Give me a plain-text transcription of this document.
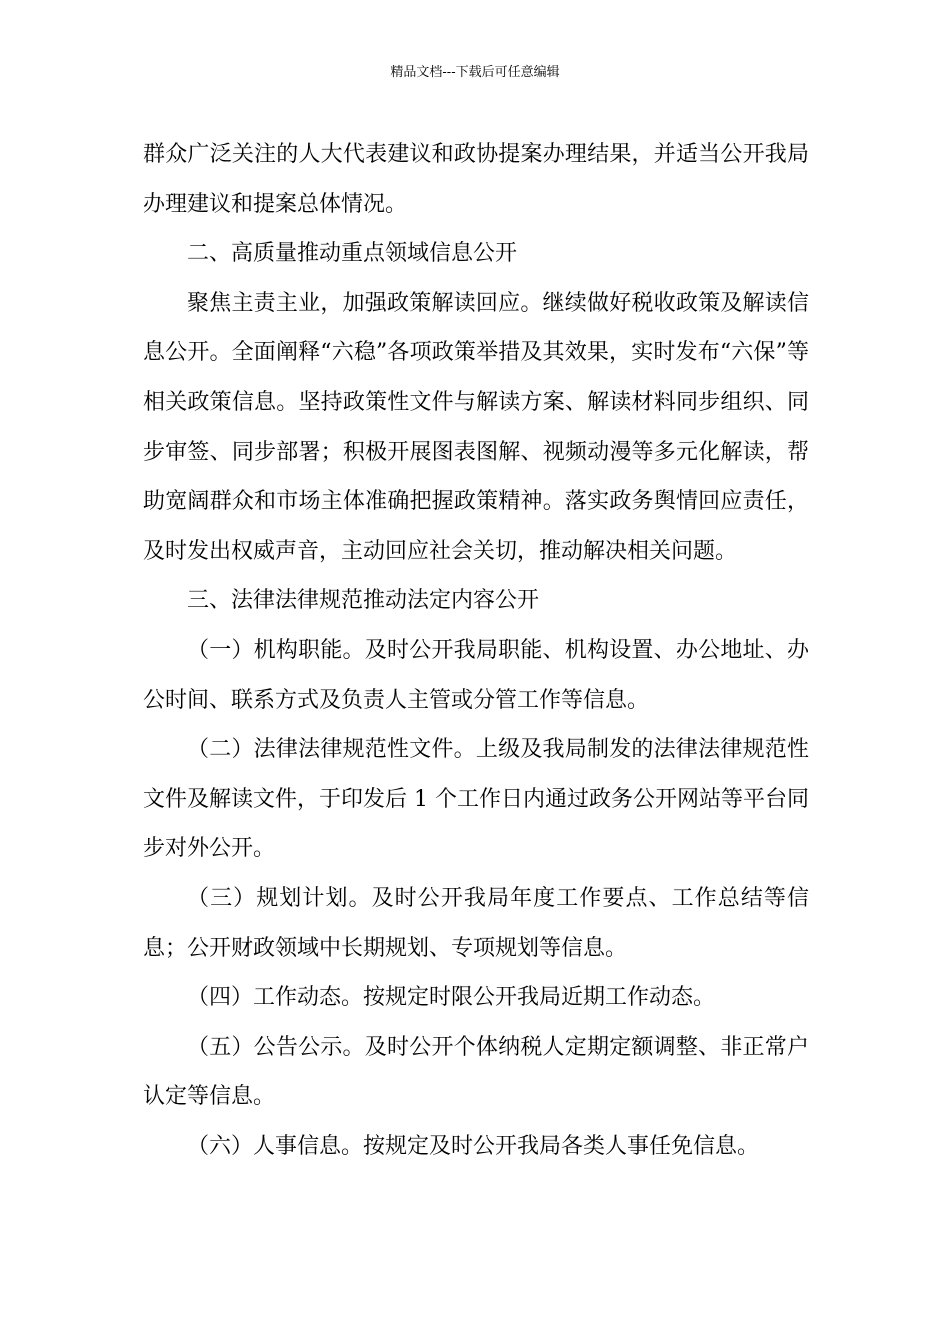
精品文档---下载后可任意编辑

群众广泛关注的人大代表建议和政协提案办理结果，并适当公开我局办理建议和提案总体情况。

二、高质量推动重点领域信息公开

聚焦主责主业，加强政策解读回应。继续做好税收政策及解读信息公开。全面阐释“六稳”各项政策举措及其效果，实时发布“六保”等相关政策信息。坚持政策性文件与解读方案、解读材料同步组织、同步审签、同步部署；积极开展图表图解、视频动漫等多元化解读，帮助宽阔群众和市场主体准确把握政策精神。落实政务舆情回应责任，及时发出权威声音，主动回应社会关切，推动解决相关问题。

三、法律法律规范推动法定内容公开

（一）机构职能。及时公开我局职能、机构设置、办公地址、办公时间、联系方式及负责人主管或分管工作等信息。

（二）法律法律规范性文件。上级及我局制发的法律法律规范性文件及解读文件，于印发后 1 个工作日内通过政务公开网站等平台同步对外公开。

（三）规划计划。及时公开我局年度工作要点、工作总结等信息；公开财政领域中长期规划、专项规划等信息。

（四）工作动态。按规定时限公开我局近期工作动态。

（五）公告公示。及时公开个体纳税人定期定额调整、非正常户认定等信息。

（六）人事信息。按规定及时公开我局各类人事任免信息。
